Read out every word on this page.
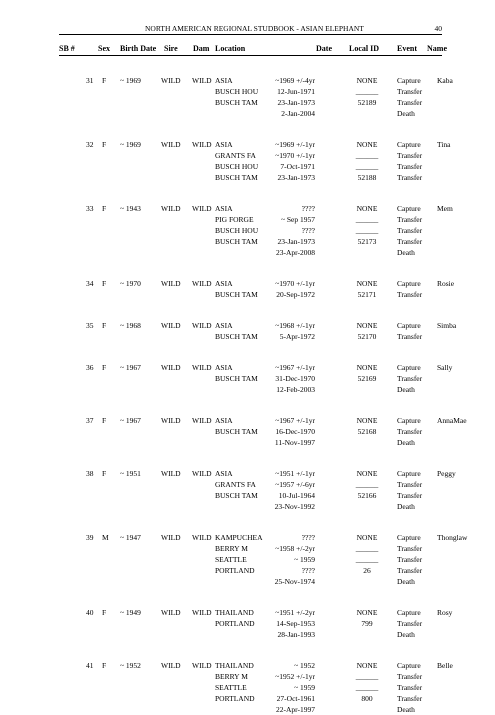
NORTH AMERICAN REGIONAL STUDBOOK - ASIAN ELEPHANT	40
SB #	Sex Birth Date Sire Dam Location	Date Local ID Event Name
31 F ~ 1969	WILD WILD ASIA	~1969 +/-4yr	NONE	Capture Kaba
BUSCH HOU	12-Jun-1971	______	Transfer
BUSCH TAM	23-Jan-1973	52189	Transfer
2-Jan-2004	Death
32 F ~ 1969	WILD WILD ASIA	~1969 +/-1yr	NONE	Capture Tina
GRANTS FA	~1970 +/-1yr	______	Transfer
BUSCH HOU	7-Oct-1971	______	Transfer
BUSCH TAM	23-Jan-1973	52188	Transfer
33 F ~ 1943	WILD WILD ASIA	????	NONE	Capture Mem
PIG FORGE	~ Sep 1957	______	Transfer
BUSCH HOU	????	______	Transfer
BUSCH TAM	23-Jan-1973	52173	Transfer
23-Apr-2008	Death
34 F ~ 1970	WILD WILD ASIA	~1970 +/-1yr	NONE	Capture Rosie
BUSCH TAM 20-Sep-1972	52171	Transfer
35 F ~ 1968	WILD WILD ASIA	~1968 +/-1yr	NONE	Capture Simba
BUSCH TAM	5-Apr-1972	52170	Transfer
36 F ~ 1967	WILD WILD ASIA	~1967 +/-1yr	NONE	Capture Sally
BUSCH TAM 31-Dec-1970	52169	Transfer
12-Feb-2003	Death
37 F ~ 1967	WILD WILD ASIA	~1967 +/-1yr	NONE	Capture AnnaMae
BUSCH TAM 16-Dec-1970	52168	Transfer
11-Nov-1997	Death
38 F ~ 1951	WILD WILD ASIA	~1951 +/-1yr	NONE	Capture Peggy
GRANTS FA	~1957 +/-6yr	______	Transfer
BUSCH TAM	10-Jul-1964	52166	Transfer
23-Nov-1992	Death
39 M ~ 1947	WILD WILD KAMPUCHEA	????	NONE	Capture Thonglaw
BERRY M	~1958 +/-2yr	______	Transfer
SEATTLE	~ 1959	______	Transfer
PORTLAND	????	26	Transfer
25-Nov-1974	Death
40 F ~ 1949	WILD WILD THAILAND	~1951 +/-2yr	NONE	Capture Rosy
PORTLAND	14-Sep-1953	799	Transfer
28-Jan-1993	Death
41 F ~ 1952	WILD WILD THAILAND	~ 1952	NONE	Capture Belle
BERRY M	~1952 +/-1yr	______	Transfer
SEATTLE	~ 1959	______	Transfer
PORTLAND	27-Oct-1961	800	Transfer
22-Apr-1997	Death
